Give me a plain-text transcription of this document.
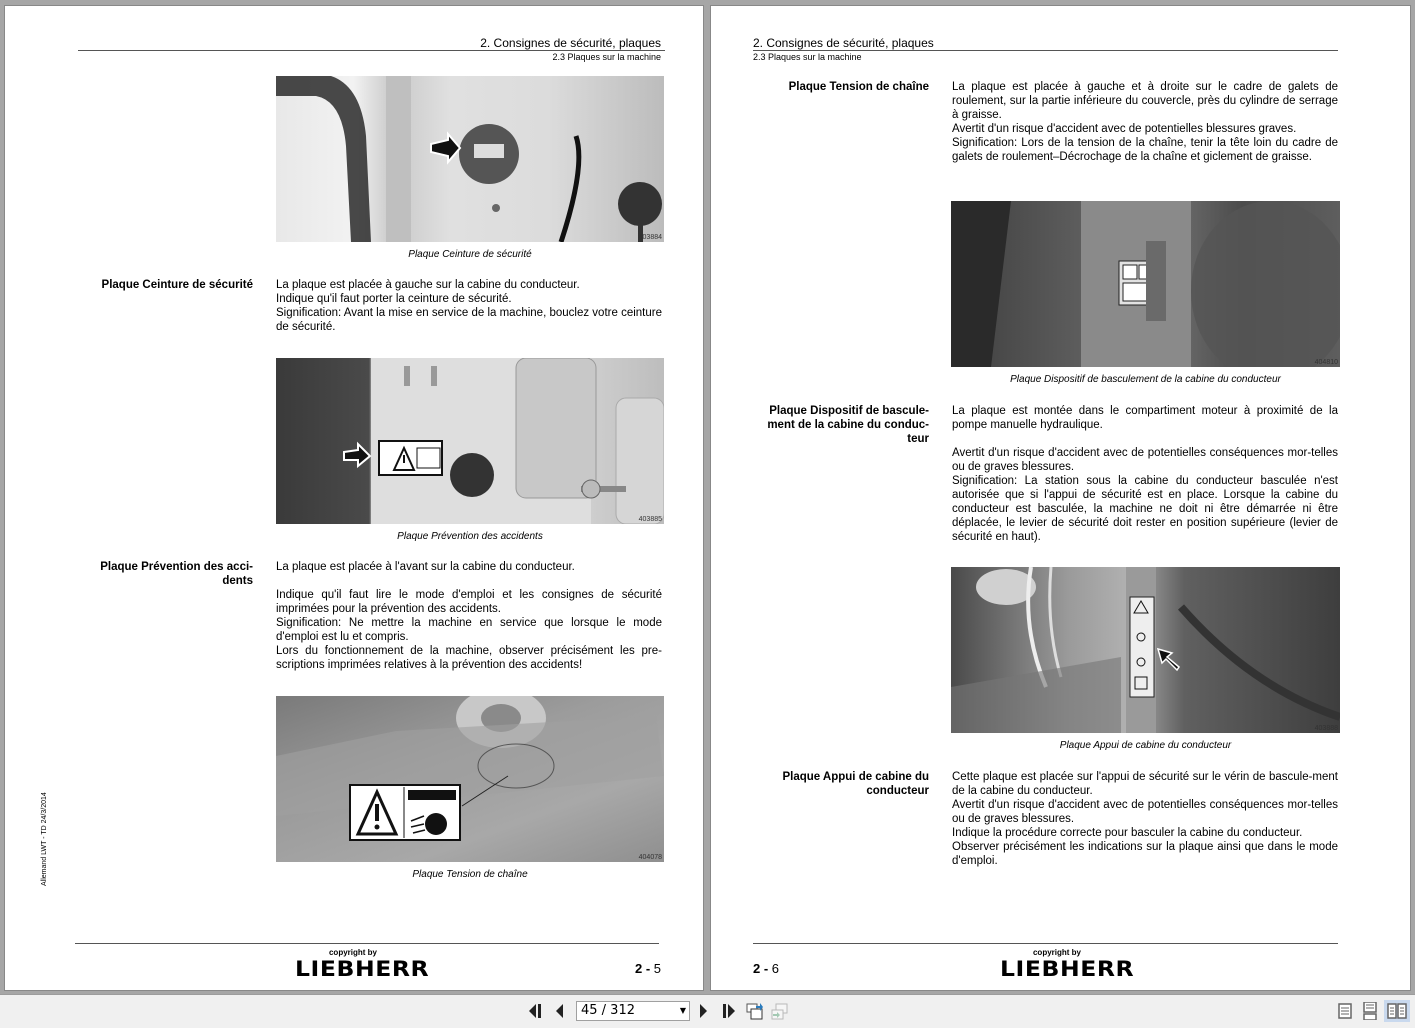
2. Consignes de sécurité, plaques
2.3 Plaques sur la machine
403884
Plaque Ceinture de sécurité
Plaque Ceinture de sécurité La plaque est placée à gauche sur la cabine du conducteur.

Indique qu'il faut porter la ceinture de sécurité.

Signification: Avant la mise en service de la machine, bouclez votre ceinture de sécurité.

403885
Plaque Prévention des accidents
Plaque Prévention des acci-dents

La plaque est placée à l'avant sur la cabine du conducteur.

Indique qu'il faut lire le mode d'emploi et les consignes de sécurité imprimées pour la prévention des accidents.

Signification: Ne mettre la machine en service que lorsque le mode d'emploi est lu et compris.

Lors du fonctionnement de la machine, observer précisément les pre-scriptions imprimées relatives à la prévention des accidents!

404078
Plaque Tension de chaîne
Allemand LWT - TD 24/3/2014
copyright by
LIEBHERR	2 - 5
2. Consignes de sécurité, plaques
2.3 Plaques sur la machine
Plaque Tension de chaîne La plaque est placée à gauche et à droite sur le cadre de galets de roulement, sur la partie inférieure du couvercle, près du cylindre de serrage à graisse.

Avertit d'un risque d'accident avec de potentielles blessures graves.

Signification: Lors de la tension de la chaîne, tenir la tête loin du cadre de galets de roulement–Décrochage de la chaîne et giclement de graisse.

404810
Plaque Dispositif de basculement de la cabine du conducteur
Plaque Dispositif de bascule-ment de la cabine du conduc-teur

La plaque est montée dans le compartiment moteur à proximité de la pompe manuelle hydraulique.

Avertit d'un risque d'accident avec de potentielles conséquences mor-telles ou de graves blessures.

Signification: La station sous la cabine du conducteur basculée n'est autorisée que si l'appui de sécurité est en place. Lorsque la cabine du conducteur est basculée, la machine ne doit ni être démarrée ni être déplacée, le levier de sécurité doit rester en position supérieure (levier de sécurité en haut).

403888
Plaque Appui de cabine du conducteur
Plaque Appui de cabine du conducteur

Cette plaque est placée sur l'appui de sécurité sur le vérin de bascule-ment de la cabine du conducteur.

Avertit d'un risque d'accident avec de potentielles conséquences mor-telles ou de graves blessures.

Indique la procédure correcte pour basculer la cabine du conducteur.

Observer précisément les indications sur la plaque ainsi que dans le mode d'emploi.

2 - 6
copyright by
LIEBHERR
45 / 312	▼
